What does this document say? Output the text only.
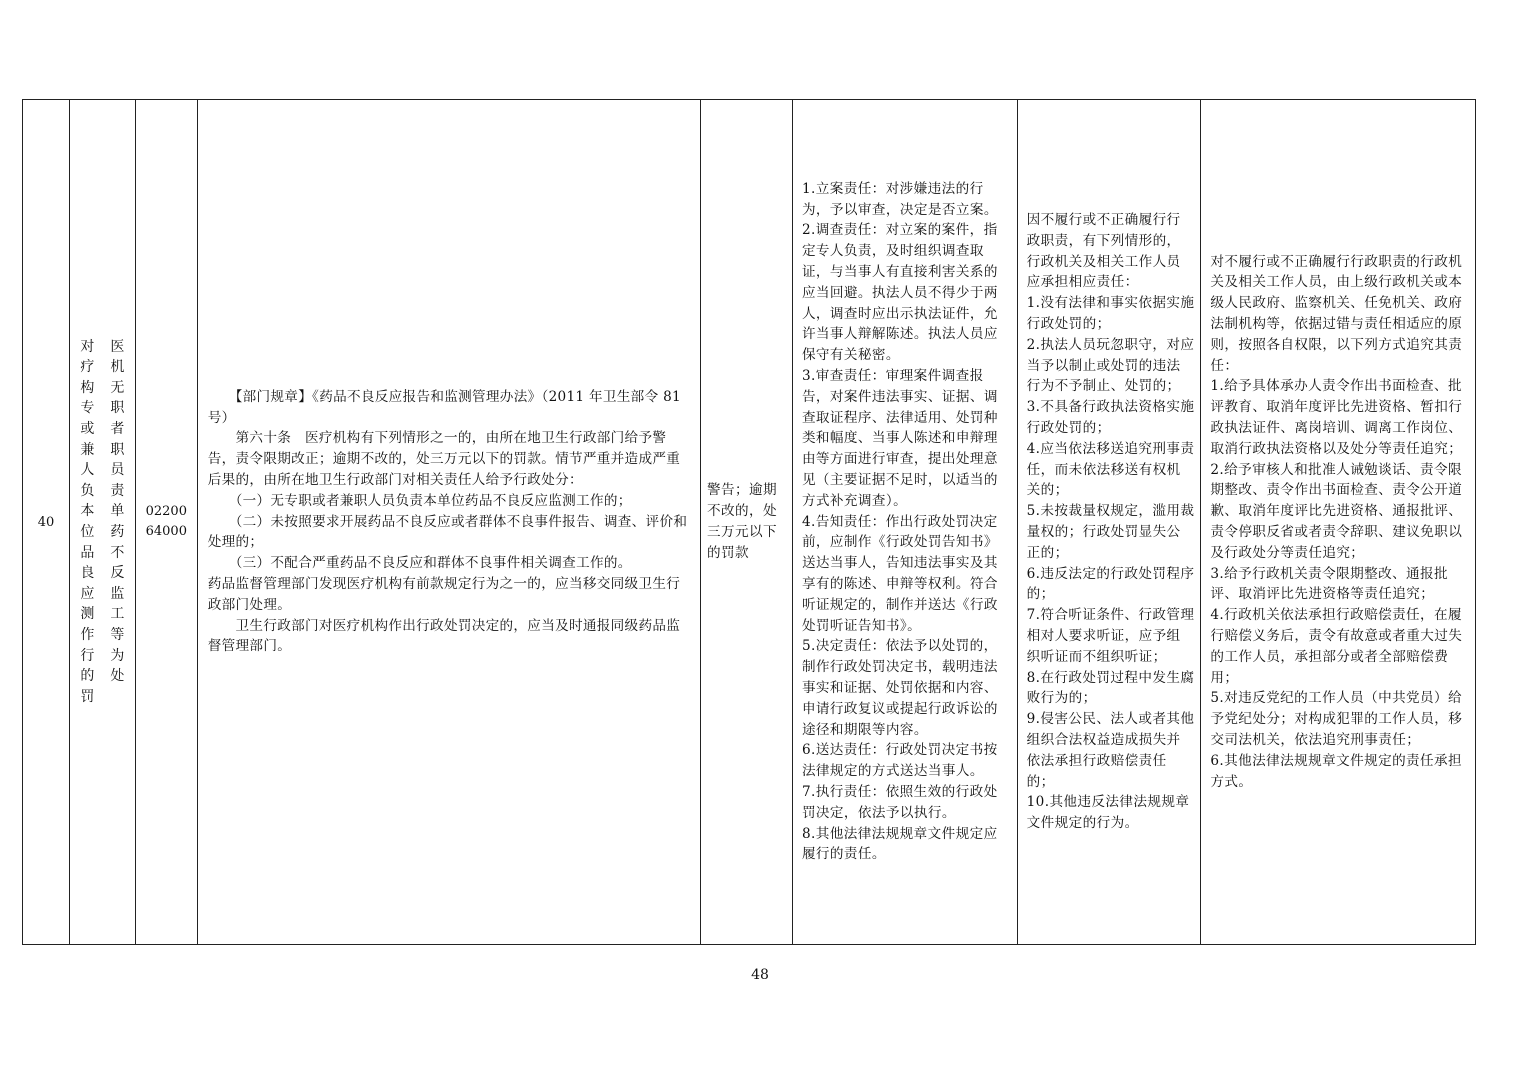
40
对
疗
构
专
或
兼
人
负
本
位
品
良
应
测
作
行
的
罚
医
机
无
职
者
职
员
责
单
药
不
反
监
工
等
为
处
02200
64000
　　【部门规章】《药品不良反应报告和监测管理办法》（2011 年卫生部令 81 号）
　　第六十条　医疗机构有下列情形之一的，由所在地卫生行政部门给予警告，责令限期改正；逾期不改的，处三万元以下的罚款。情节严重并造成严重后果的，由所在地卫生行政部门对相关责任人给予行政处分：
　　（一）无专职或者兼职人员负责本单位药品不良反应监测工作的；
　　（二）未按照要求开展药品不良反应或者群体不良事件报告、调查、评价和处理的；
　　（三）不配合严重药品不良反应和群体不良事件相关调查工作的。
药品监督管理部门发现医疗机构有前款规定行为之一的，应当移交同级卫生行政部门处理。
　　卫生行政部门对医疗机构作出行政处罚决定的，应当及时通报同级药品监督管理部门。
警告；逾期不改的，处三万元以下的罚款
1.立案责任：对涉嫌违法的行为，予以审查，决定是否立案。
2.调查责任：对立案的案件，指定专人负责，及时组织调查取证，与当事人有直接利害关系的应当回避。执法人员不得少于两人，调查时应出示执法证件，允许当事人辩解陈述。执法人员应保守有关秘密。
3.审查责任：审理案件调查报告，对案件违法事实、证据、调查取证程序、法律适用、处罚种类和幅度、当事人陈述和申辩理由等方面进行审查，提出处理意见（主要证据不足时，以适当的方式补充调查）。
4.告知责任：作出行政处罚决定前，应制作《行政处罚告知书》送达当事人，告知违法事实及其享有的陈述、申辩等权利。符合听证规定的，制作并送达《行政处罚听证告知书》。
5.决定责任：依法予以处罚的，制作行政处罚决定书，载明违法事实和证据、处罚依据和内容、申请行政复议或提起行政诉讼的途径和期限等内容。
6.送达责任：行政处罚决定书按法律规定的方式送达当事人。
7.执行责任：依照生效的行政处罚决定，依法予以执行。
8.其他法律法规规章文件规定应履行的责任。
因不履行或不正确履行行政职责，有下列情形的，行政机关及相关工作人员应承担相应责任：
1.没有法律和事实依据实施行政处罚的；
2.执法人员玩忽职守，对应当予以制止或处罚的违法行为不予制止、处罚的；
3.不具备行政执法资格实施行政处罚的；
4.应当依法移送追究刑事责任，而未依法移送有权机关的；
5.未按裁量权规定，滥用裁量权的；行政处罚显失公正的；
6.违反法定的行政处罚程序的；
7.符合听证条件、行政管理相对人要求听证，应予组织听证而不组织听证；
8.在行政处罚过程中发生腐败行为的；
9.侵害公民、法人或者其他组织合法权益造成损失并依法承担行政赔偿责任的；
10.其他违反法律法规规章文件规定的行为。
对不履行或不正确履行行政职责的行政机关及相关工作人员，由上级行政机关或本级人民政府、监察机关、任免机关、政府法制机构等，依据过错与责任相适应的原则，按照各自权限，以下列方式追究其责任：
1.给予具体承办人责令作出书面检查、批评教育、取消年度评比先进资格、暂扣行政执法证件、离岗培训、调离工作岗位、取消行政执法资格以及处分等责任追究；
2.给予审核人和批准人诫勉谈话、责令限期整改、责令作出书面检查、责令公开道歉、取消年度评比先进资格、通报批评、责令停职反省或者责令辞职、建议免职以及行政处分等责任追究；
3.给予行政机关责令限期整改、通报批评、取消评比先进资格等责任追究；
4.行政机关依法承担行政赔偿责任，在履行赔偿义务后，责令有故意或者重大过失的工作人员，承担部分或者全部赔偿费用；
5.对违反党纪的工作人员（中共党员）给予党纪处分；对构成犯罪的工作人员，移交司法机关，依法追究刑事责任；
6.其他法律法规规章文件规定的责任承担方式。
48
